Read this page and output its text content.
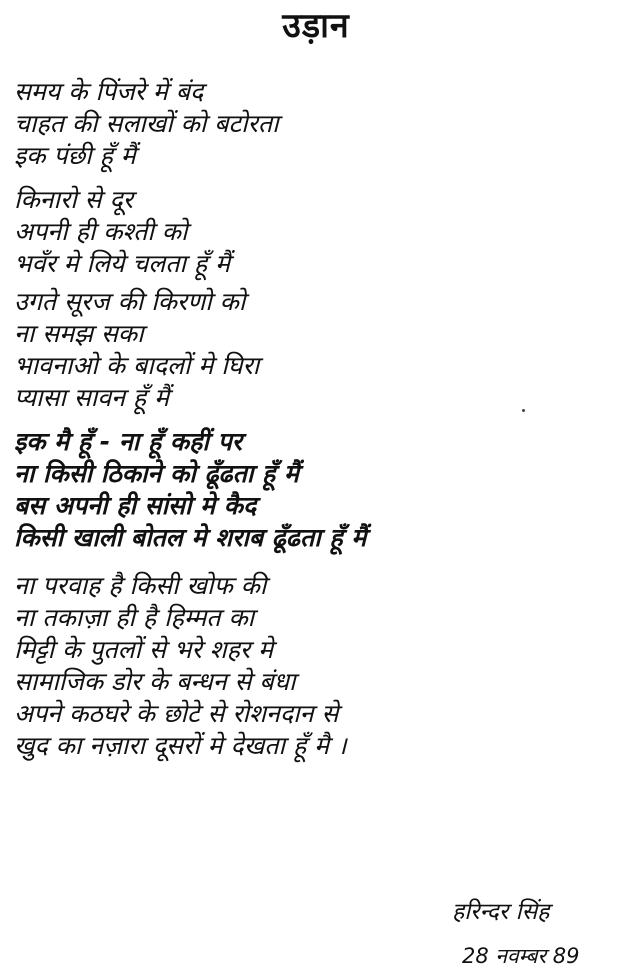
उड़ान
समय के पिंजरे में बंद
चाहत की सलाखों को बटोरता
इक पंछी हूँ मैं
किनारो से दूर
अपनी ही कश्ती को
भवँर मे लिये चलता हूँ मैं
उगते सूरज की किरणो को
ना समझ सका
भावनाओ के बादलों मे घिरा
प्यासा सावन हूँ मैं
इक मै हूँ - ना हूँ कहीं पर
ना किसी ठिकाने को ढूँढता हूँ मैं
बस अपनी ही सांसो मे कैद
किसी खाली बोतल मे शराब ढूँढता हूँ मैं
ना परवाह है किसी खोफ की
ना तकाज़ा ही है हिम्मत का
मिट्टी के पुतलों से भरे शहर मे
सामाजिक डोर के बन्धन से बंधा
अपने कठघरे के छोटे से रोशनदान से
खुद का नज़ारा दूसरों मे देखता हूँ मै ।
हरिन्दर सिंह
28 नवम्बर 89
